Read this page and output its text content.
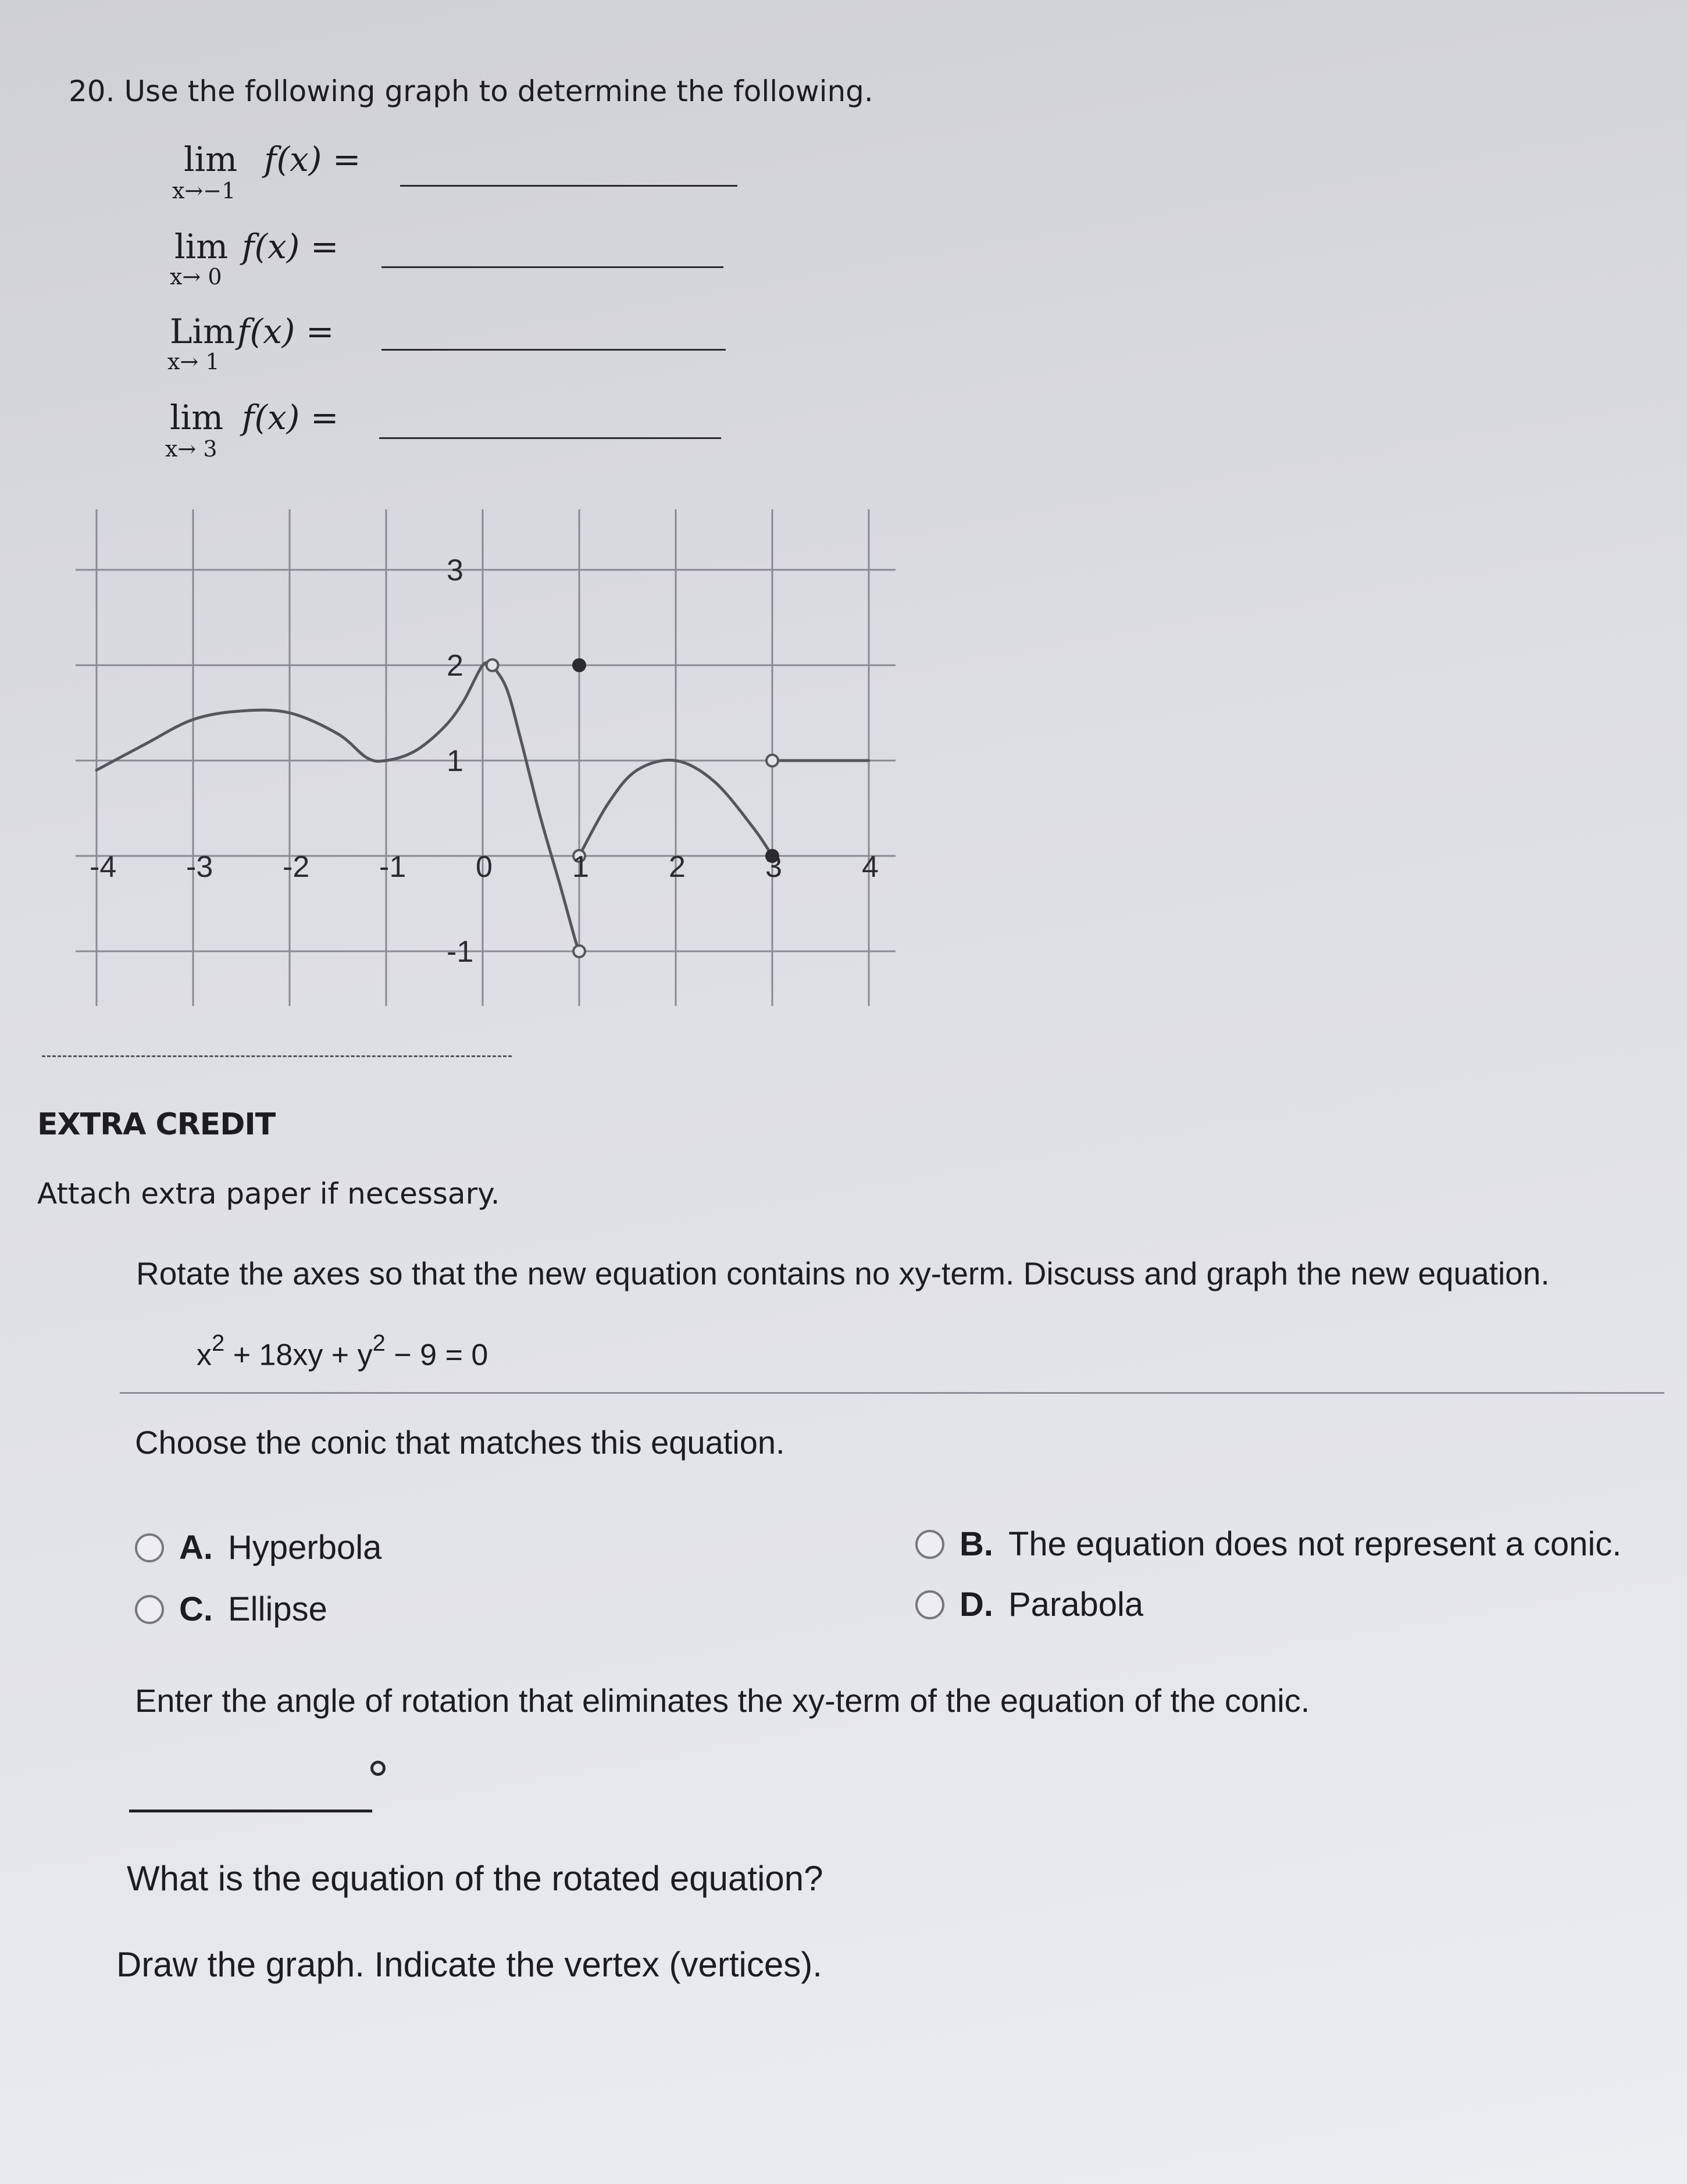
20. Use the following graph to determine the following.
lim
x→−1
f(x) =
lim
x→ 0
f(x) =
Lim
x→ 1
f(x) =
lim
x→ 3
f(x) =
-4 -3 -2 -1 0	1	2	3	4
3
2
1
-1
EXTRA CREDIT
Attach extra paper if necessary.
Rotate the axes so that the new equation contains no xy-term. Discuss and graph the new equation.
$x^2 + 18xy + y^2 - 9 = 0$
Choose the conic that matches this equation.
A. Hyperbola	B. The equation does not represent a conic.
C. Ellipse	D. Parabola
Enter the angle of rotation that eliminates the xy-term of the equation of the conic.
What is the equation of the rotated equation?
Draw the graph. Indicate the vertex (vertices).
